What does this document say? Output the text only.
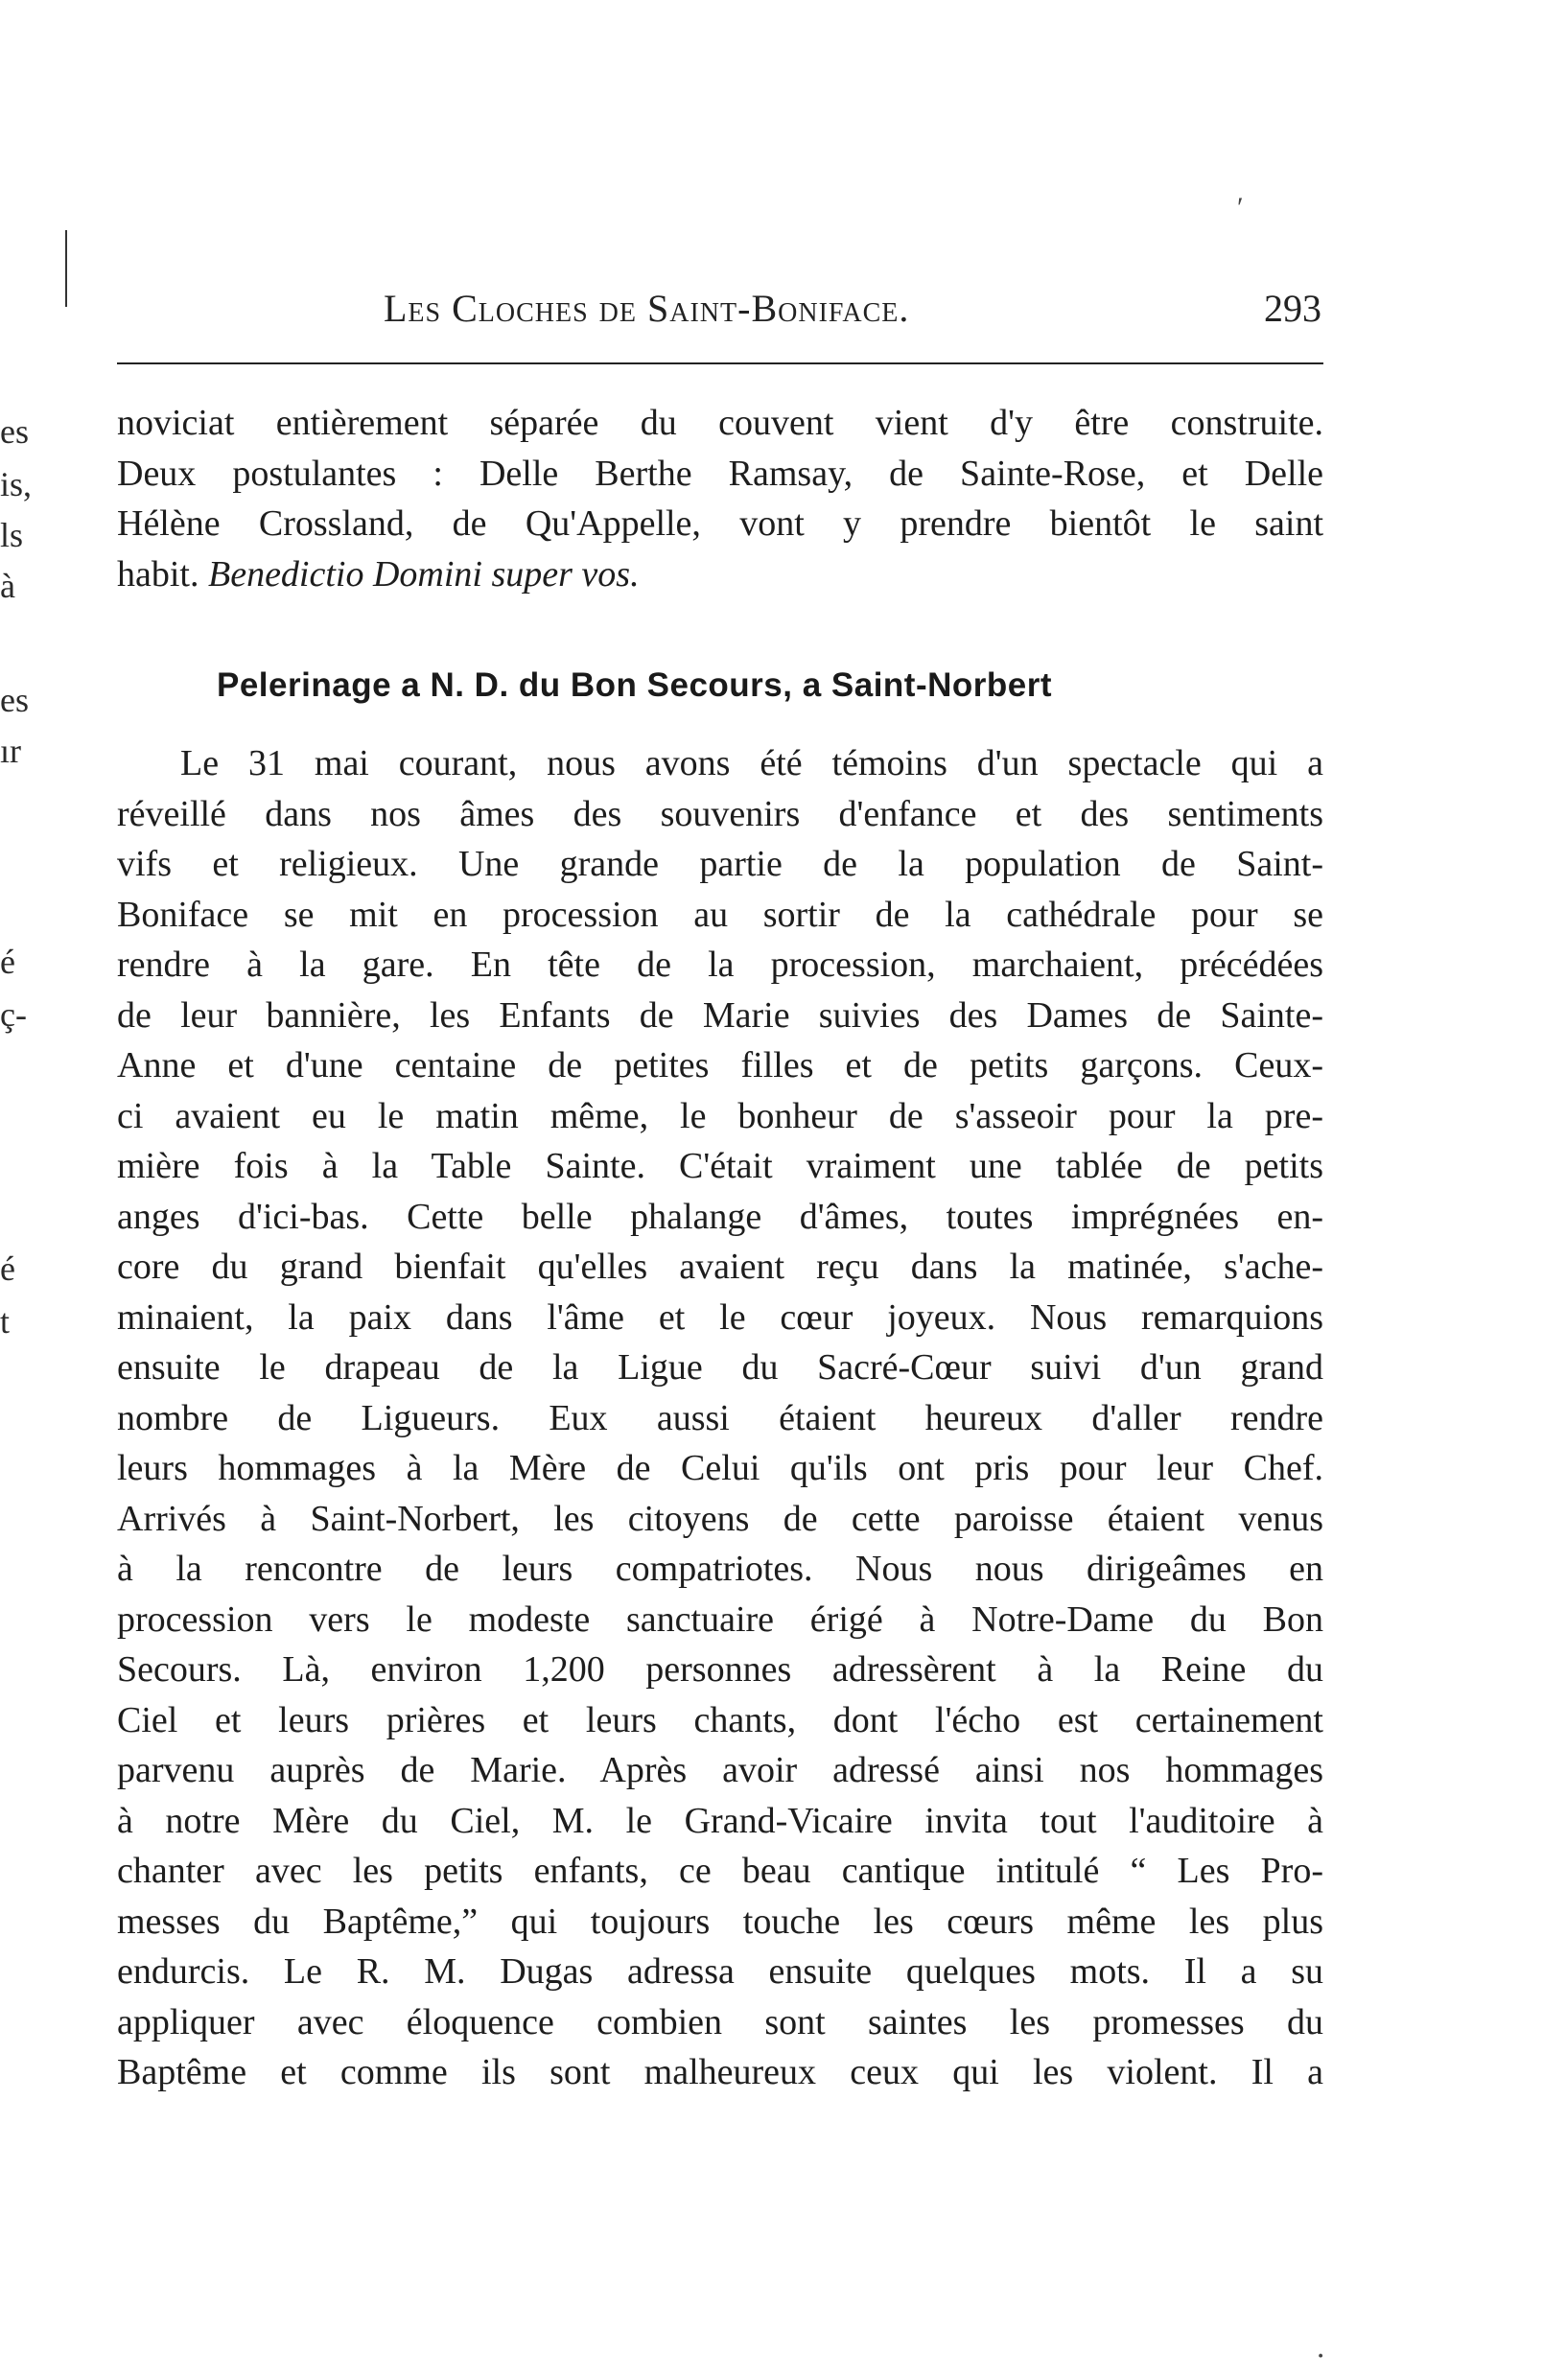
es
is,
ls
à
es
ır
é
ç-
é
t
Les Cloches de Saint-Boniface.	293
noviciat entièrement séparée du couvent vient d'y être construite.
Deux postulantes : Delle Berthe Ramsay, de Sainte-Rose, et Delle
Hélène Crossland, de Qu'Appelle, vont y prendre bientôt le saint
habit. Benedictio Domini super vos.
Pelerinage a N. D. du Bon Secours, a Saint-Norbert
Le 31 mai courant, nous avons été témoins d'un spectacle qui a
réveillé dans nos âmes des souvenirs d'enfance et des sentiments
vifs et religieux. Une grande partie de la population de Saint-
Boniface se mit en procession au sortir de la cathédrale pour se
rendre à la gare. En tête de la procession, marchaient, précédées
de leur bannière, les Enfants de Marie suivies des Dames de Sainte-
Anne et d'une centaine de petites filles et de petits garçons. Ceux-
ci avaient eu le matin même, le bonheur de s'asseoir pour la pre-
mière fois à la Table Sainte. C'était vraiment une tablée de petits
anges d'ici-bas. Cette belle phalange d'âmes, toutes imprégnées en-
core du grand bienfait qu'elles avaient reçu dans la matinée, s'ache-
minaient, la paix dans l'âme et le cœur joyeux. Nous remarquions
ensuite le drapeau de la Ligue du Sacré-Cœur suivi d'un grand
nombre de Ligueurs. Eux aussi étaient heureux d'aller rendre
leurs hommages à la Mère de Celui qu'ils ont pris pour leur Chef.
Arrivés à Saint-Norbert, les citoyens de cette paroisse étaient venus
à la rencontre de leurs compatriotes. Nous nous dirigeâmes en
procession vers le modeste sanctuaire érigé à Notre-Dame du Bon
Secours. Là, environ 1,200 personnes adressèrent à la Reine du
Ciel et leurs prières et leurs chants, dont l'écho est certainement
parvenu auprès de Marie. Après avoir adressé ainsi nos hommages
à notre Mère du Ciel, M. le Grand-Vicaire invita tout l'auditoire à
chanter avec les petits enfants, ce beau cantique intitulé “ Les Pro-
messes du Baptême,” qui toujours touche les cœurs même les plus
endurcis. Le R. M. Dugas adressa ensuite quelques mots. Il a su
appliquer avec éloquence combien sont saintes les promesses du
Baptême et comme ils sont malheureux ceux qui les violent. Il a
′
⋅
